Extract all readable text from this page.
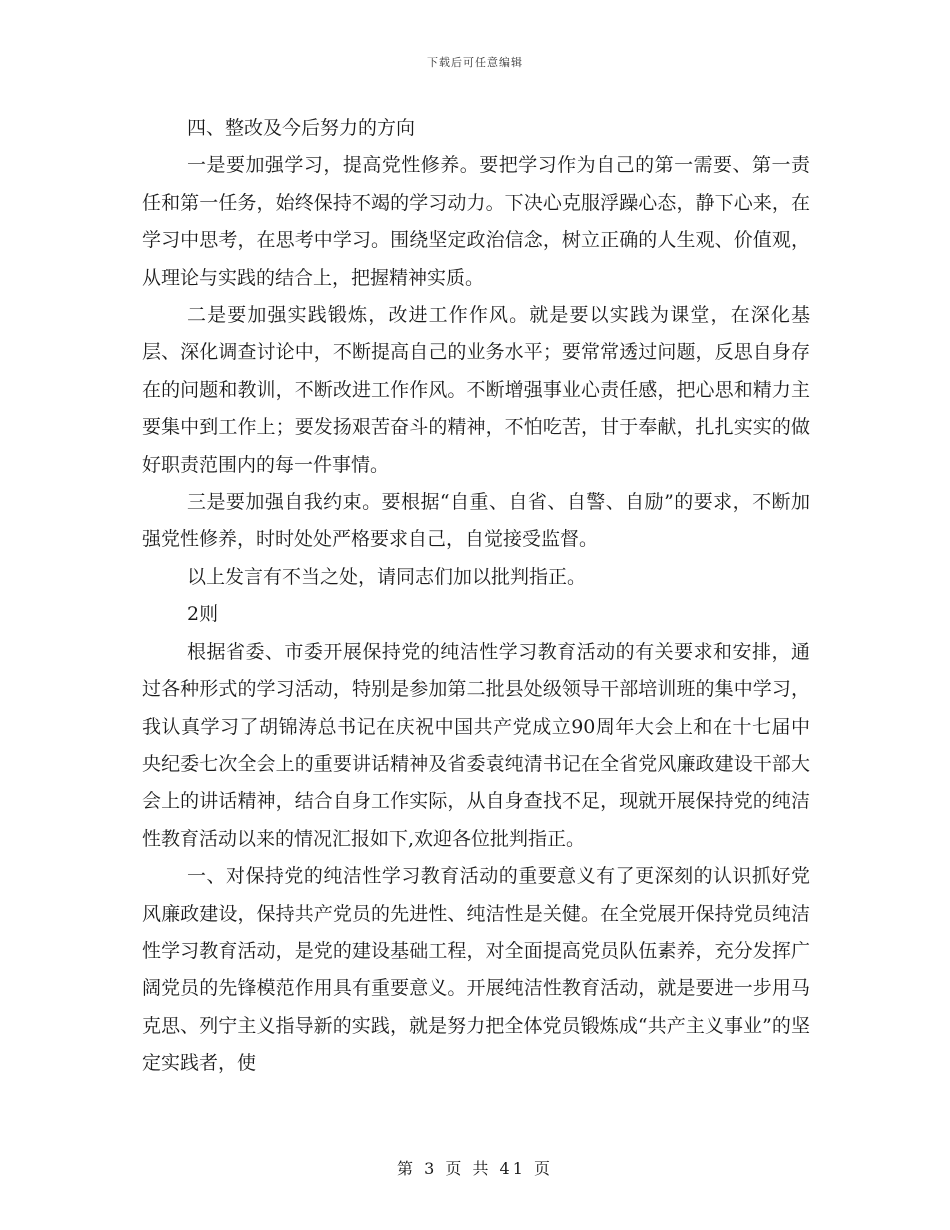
下载后可任意编辑

四、整改及今后努力的方向

一是要加强学习，提高党性修养。要把学习作为自己的第一需要、第一责任和第一任务，始终保持不竭的学习动力。下决心克服浮躁心态，静下心来，在学习中思考，在思考中学习。围绕坚定政治信念，树立正确的人生观、价值观，从理论与实践的结合上，把握精神实质。

二是要加强实践锻炼，改进工作作风。就是要以实践为课堂，在深化基层、深化调查讨论中，不断提高自己的业务水平；要常常透过问题，反思自身存在的问题和教训，不断改进工作作风。不断增强事业心责任感，把心思和精力主要集中到工作上；要发扬艰苦奋斗的精神，不怕吃苦，甘于奉献，扎扎实实的做好职责范围内的每一件事情。

三是要加强自我约束。要根据“自重、自省、自警、自励”的要求，不断加强党性修养，时时处处严格要求自己，自觉接受监督。

以上发言有不当之处，请同志们加以批判指正。

2则

根据省委、市委开展保持党的纯洁性学习教育活动的有关要求和安排，通过各种形式的学习活动，特别是参加第二批县处级领导干部培训班的集中学习，我认真学习了胡锦涛总书记在庆祝中国共产党成立90周年大会上和在十七届中央纪委七次全会上的重要讲话精神及省委袁纯清书记在全省党风廉政建设干部大会上的讲话精神，结合自身工作实际，从自身查找不足，现就开展保持党的纯洁性教育活动以来的情况汇报如下,欢迎各位批判指正。

一、对保持党的纯洁性学习教育活动的重要意义有了更深刻的认识抓好党风廉政建设，保持共产党员的先进性、纯洁性是关健。在全党展开保持党员纯洁性学习教育活动，是党的建设基础工程，对全面提高党员队伍素养，充分发挥广阔党员的先锋模范作用具有重要意义。开展纯洁性教育活动，就是要进一步用马克思、列宁主义指导新的实践，就是努力把全体党员锻炼成“共产主义事业”的坚定实践者，使

第 3 页 共 41 页
